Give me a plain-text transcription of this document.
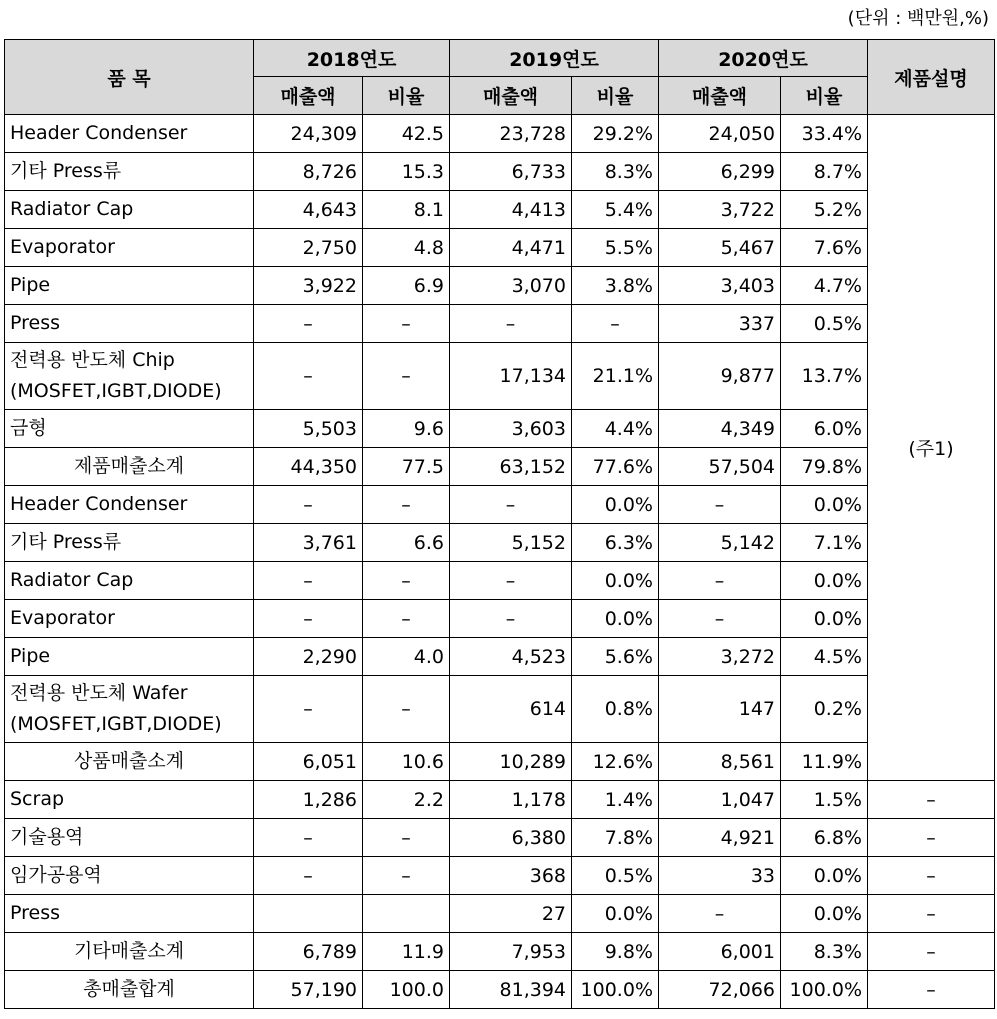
(단위 : 백만원,%)
품 목	2018연도		2019연도		2020연도		제품설명
	매출액	비율	매출액	비율	매출액	비율	
Header Condenser	24,309	42.5	23,728	29.2%	24,050	33.4%	(주1)
기타 Press류	8,726	15.3	6,733	8.3%	6,299	8.7%	
Radiator Cap	4,643	8.1	4,413	5.4%	3,722	5.2%	
Evaporator	2,750	4.8	4,471	5.5%	5,467	7.6%	
Pipe	3,922	6.9	3,070	3.8%	3,403	4.7%	
Press	–	–	–	–	337	0.5%	

전력용 반도체 Chip
(MOSFET,IGBT,DIODE)	–	–	17,134	21.1%	9,877	13.7%	
금형	5,503	9.6	3,603	4.4%	4,349	6.0%	
제품매출소계	44,350	77.5	63,152	77.6%	57,504	79.8%	
Header Condenser	–	–	–	0.0%	–	0.0%	
기타 Press류	3,761	6.6	5,152	6.3%	5,142	7.1%	
Radiator Cap	–	–	–	0.0%	–	0.0%	
Evaporator	–	–	–	0.0%	–	0.0%	
Pipe	2,290	4.0	4,523	5.6%	3,272	4.5%	

전력용 반도체 Wafer
(MOSFET,IGBT,DIODE)	–	–	614	0.8%	147	0.2%	
상품매출소계	6,051	10.6	10,289	12.6%	8,561	11.9%	
Scrap	1,286	2.2	1,178	1.4%	1,047	1.5%	–
기술용역	–	–	6,380	7.8%	4,921	6.8%	–
임가공용역	–	–	368	0.5%	33	0.0%	–
Press			27	0.0%	–	0.0%	–
기타매출소계	6,789	11.9	7,953	9.8%	6,001	8.3%	–
총매출합계	57,190	100.0	81,394	100.0%	72,066	100.0%	–
